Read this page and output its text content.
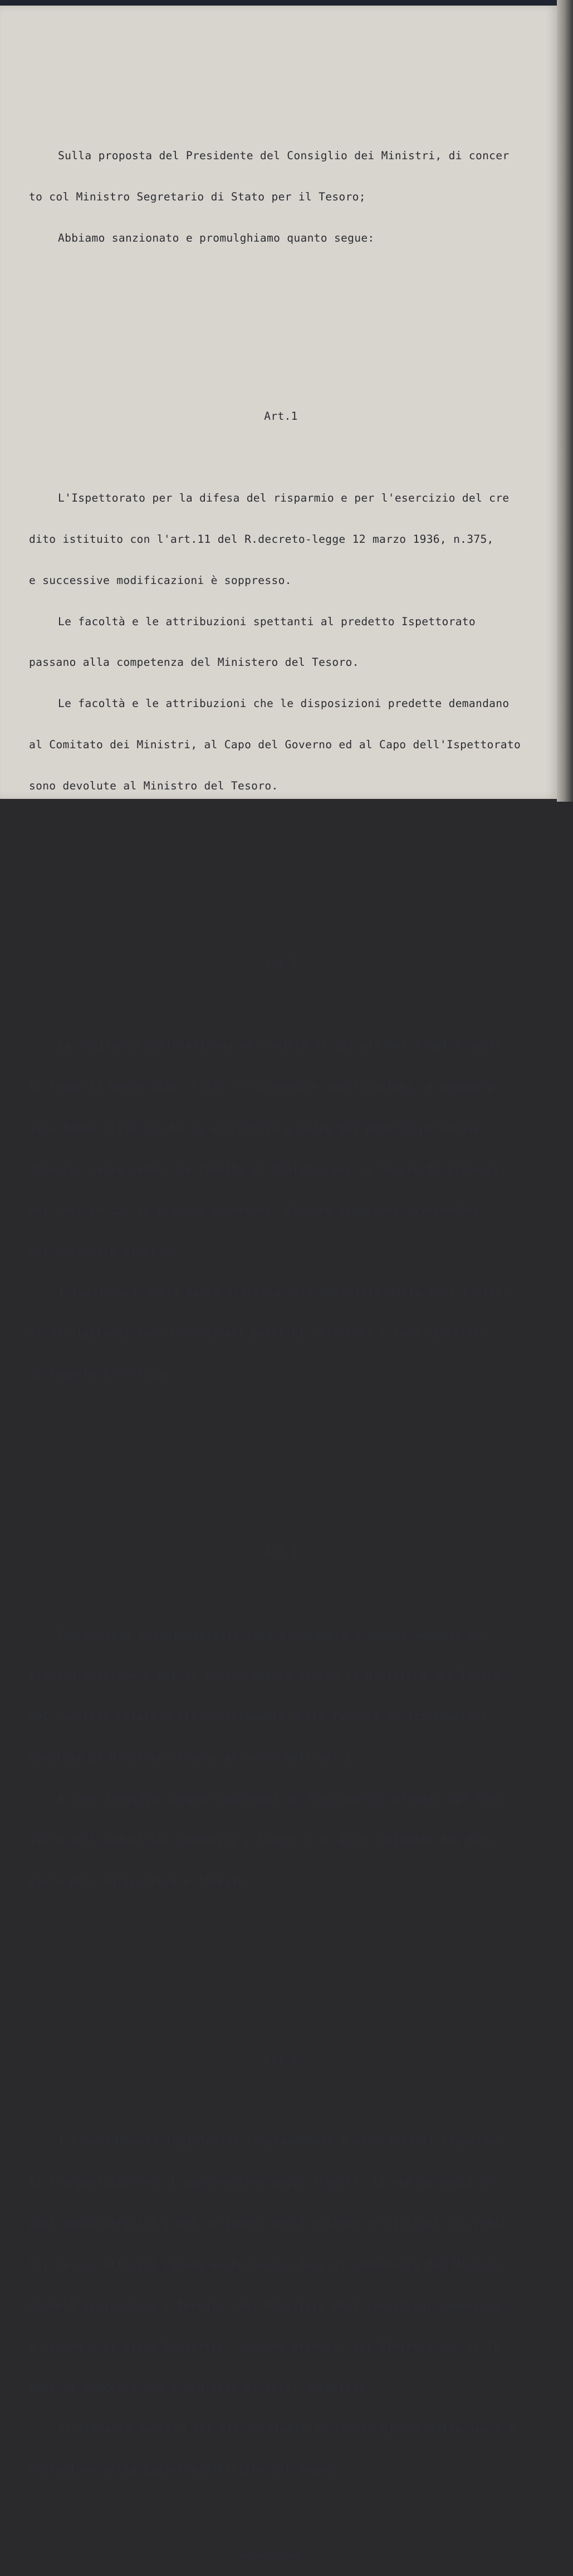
Sulla proposta del Presidente del Consiglio dei Ministri, di concer

to col Ministro Segretario di Stato per il Tesoro;

Abbiamo sanzionato e promulghiamo quanto segue:

Art.1

L'Ispettorato per la difesa del risparmio e per l'esercizio del cre

dito istituito con l'art.11 del R.decreto-legge 12 marzo 1936, n.375,

e successive modificazioni è soppresso.

Le facoltà e le attribuzioni spettanti al predetto Ispettorato

passano alla competenza del Ministero del Tesoro.

Le facoltà e le attribuzioni che le disposizioni predette demandano

al Comitato dei Ministri, al Capo del Governo ed al Capo dell'Ispettorato

sono devolute al Ministro del Tesoro.

Art.2

La vigilanza sulle Aziende di credito di cui all'art.5 del R.decre-

to-legge 12 marzo 1936, n.375, e successive modificazioni, è delegata

alla Banca d'Italia che la eserciterà a mezzo del proprio personale

tecnico, salva sempre la facoltà al Ministro per il Tesoro di disporre,

nei casi in cui lo riterrà opportuno, dirette ispezioni avvalendosi

del personale proprio.

I funzionari della Banca d'Italia nell'esercizio delle loro funzio-

ni di vigilanza sono considerati pubblici ufficiali e sono vincolati

al segreto d'ufficio.

Art.3

Con decreti Luogotenenziali sarà provveduto a quanto occorra per

l'organizzazione e per il funzionamento presso il Ministero del Tesoro

del servizio relativo all'espletamento delle facoltà ed attribuzioni

devolute al Ministero stesso ai sensi dell'art.1.

A tale servizio saranno aggregati un funzionario delegato dal Mini-

stero dell'industria, commercio e lavoro e un altro delegato dal Mini-

stero dell'agricoltura e foreste.

Art.4

I provvedimenti legislativi regolamentari e ministeriali riguardan-

ti l'organizzazione, l'approvazione degli statuti, la nomina degli or-

gani amministrativi e dei dirigenti delle aziende ed istituti di credi-

to, la cui attività ricada anche nella sfera di competenza del Ministe-

ro dell'agricoltura e foreste, del Ministero dell'industria, commercio

e lavoro o di altri Ministeri, saranno promossi dal Ministro per il Te-

soro di concerto con i Ministri di detti dicasteri.

Il presente decreto entrerà in vigore lo stesso giorno della sua pub

blicazione nella Gazzetta Ufficiale del Regno.

=========
